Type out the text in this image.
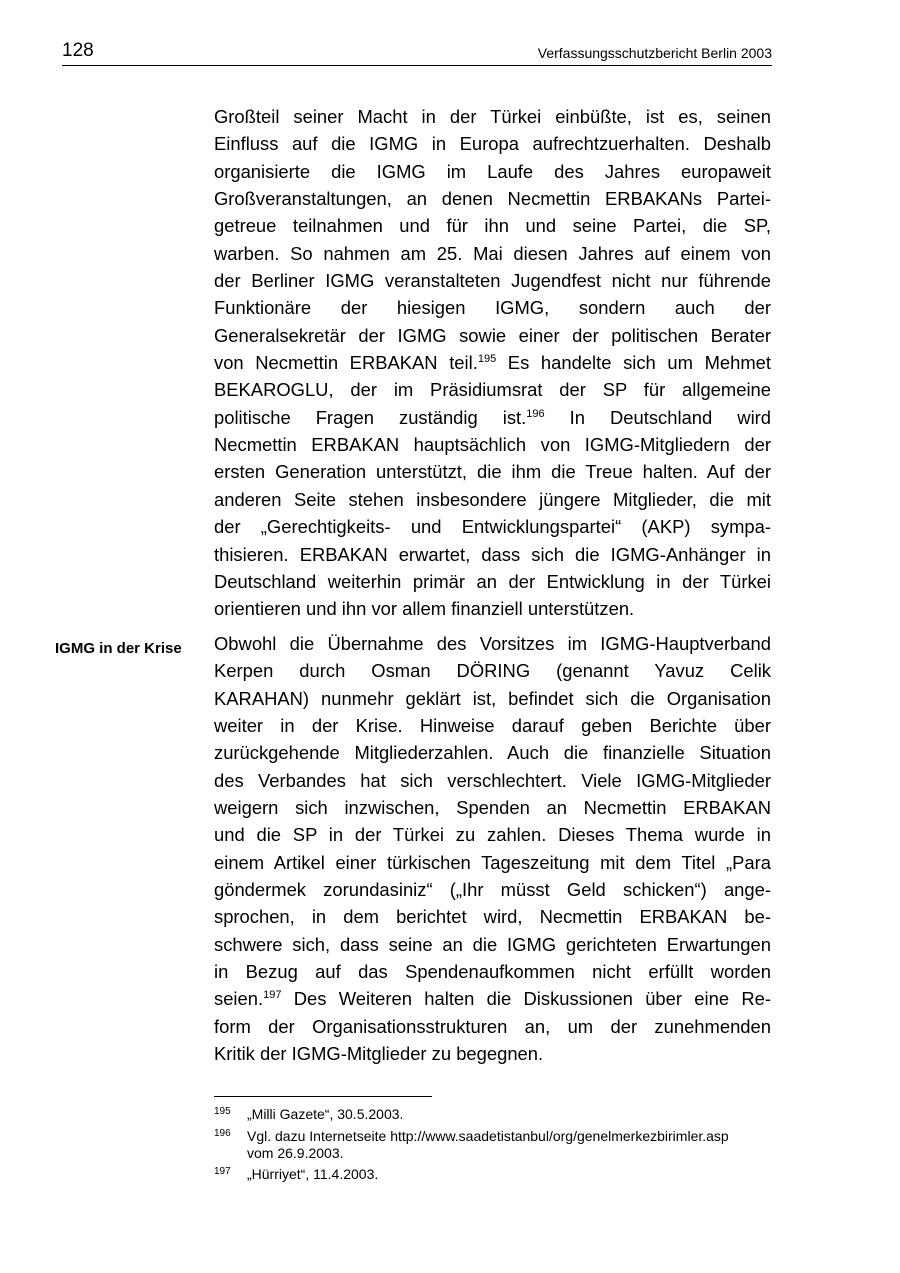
128	Verfassungsschutzbericht Berlin 2003
Großteil seiner Macht in der Türkei einbüßte, ist es, seinen
Einfluss auf die IGMG in Europa aufrechtzuerhalten. Deshalb
organisierte die IGMG im Laufe des Jahres europaweit
Großveranstaltungen, an denen Necmettin ERBAKANs Partei-
getreue teilnahmen und für ihn und seine Partei, die SP,
warben. So nahmen am 25. Mai diesen Jahres auf einem von
der Berliner IGMG veranstalteten Jugendfest nicht nur führende
Funktionäre der hiesigen IGMG, sondern auch der
Generalsekretär der IGMG sowie einer der politischen Berater
von Necmettin ERBAKAN teil.$^{195}$ Es handelte sich um Mehmet
BEKAROGLU, der im Präsidiumsrat der SP für allgemeine
politische Fragen zuständig ist.$^{196}$ In Deutschland wird
Necmettin ERBAKAN hauptsächlich von IGMG-Mitgliedern der
ersten Generation unterstützt, die ihm die Treue halten. Auf der
anderen Seite stehen insbesondere jüngere Mitglieder, die mit
der „Gerechtigkeits- und Entwicklungspartei“ (AKP) sympa-
thisieren. ERBAKAN erwartet, dass sich die IGMG-Anhänger in
Deutschland weiterhin primär an der Entwicklung in der Türkei
orientieren und ihn vor allem finanziell unterstützen.
IGMG in der Krise Obwohl die Übernahme des Vorsitzes im IGMG-Hauptverband
Kerpen durch Osman DÖRING (genannt Yavuz Celik
KARAHAN) nunmehr geklärt ist, befindet sich die Organisation
weiter in der Krise. Hinweise darauf geben Berichte über
zurückgehende Mitgliederzahlen. Auch die finanzielle Situation
des Verbandes hat sich verschlechtert. Viele IGMG-Mitglieder
weigern sich inzwischen, Spenden an Necmettin ERBAKAN
und die SP in der Türkei zu zahlen. Dieses Thema wurde in
einem Artikel einer türkischen Tageszeitung mit dem Titel „Para
göndermek zorundasiniz“ („Ihr müsst Geld schicken“) ange-
sprochen, in dem berichtet wird, Necmettin ERBAKAN be-
schwere sich, dass seine an die IGMG gerichteten Erwartungen
in Bezug auf das Spendenaufkommen nicht erfüllt worden
seien.$^{197}$ Des Weiteren halten die Diskussionen über eine Re-
form der Organisationsstrukturen an, um der zunehmenden
Kritik der IGMG-Mitglieder zu begegnen.
195 „Milli Gazete“, 30.5.2003.
196 Vgl. dazu Internetseite http://www.saadetistanbul/org/genelmerkezbirimler.asp
vom 26.9.2003.
197 „Hürriyet“, 11.4.2003.
